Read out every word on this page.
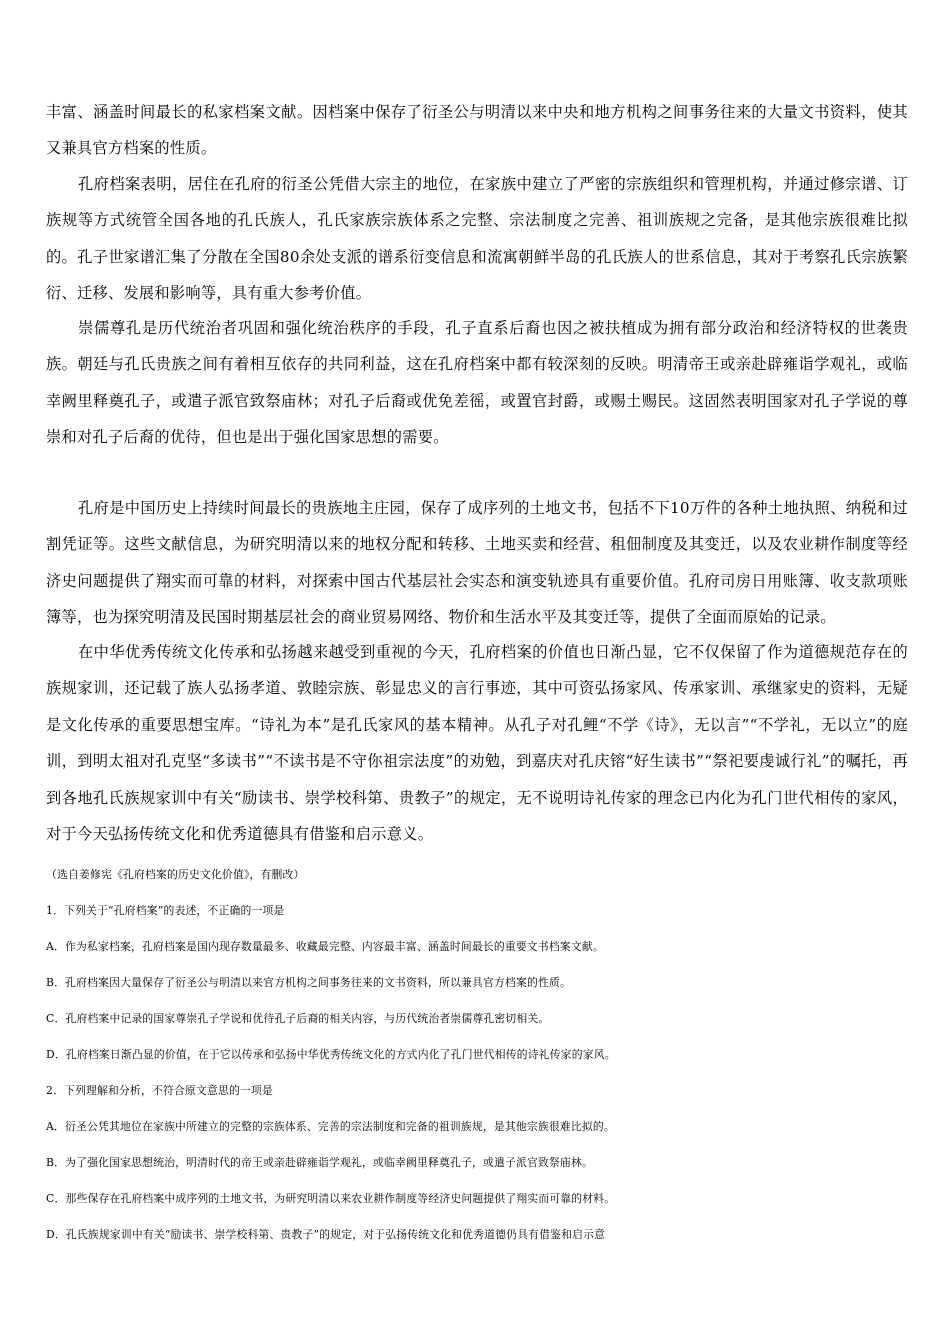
丰富、涵盖时间最长的私家档案文献。因档案中保存了衍圣公与明清以来中央和地方机构之间事务往来的大量文书资料，使其又兼具官方档案的性质。

孔府档案表明，居住在孔府的衍圣公凭借大宗主的地位，在家族中建立了严密的宗族组织和管理机构，并通过修宗谱、订族规等方式统管全国各地的孔氏族人，孔氏家族宗族体系之完整、宗法制度之完善、祖训族规之完备，是其他宗族很难比拟的。孔子世家谱汇集了分散在全国80余处支派的谱系衍变信息和流寓朝鲜半岛的孔氏族人的世系信息，其对于考察孔氏宗族繁衍、迁移、发展和影响等，具有重大参考价值。

崇儒尊孔是历代统治者巩固和强化统治秩序的手段，孔子直系后裔也因之被扶植成为拥有部分政治和经济特权的世袭贵族。朝廷与孔氏贵族之间有着相互依存的共同利益，这在孔府档案中都有较深刻的反映。明清帝王或亲赴辟雍诣学观礼，或临幸阙里释奠孔子，或遣子派官致祭庙林；对孔子后裔或优免差徭，或置官封爵，或赐土赐民。这固然表明国家对孔子学说的尊崇和对孔子后裔的优待，但也是出于强化国家思想的需要。

孔府是中国历史上持续时间最长的贵族地主庄园，保存了成序列的土地文书，包括不下10万件的各种土地执照、纳税和过割凭证等。这些文献信息，为研究明清以来的地权分配和转移、土地买卖和经营、租佃制度及其变迁，以及农业耕作制度等经济史问题提供了翔实而可靠的材料，对探索中国古代基层社会实态和演变轨迹具有重要价值。孔府司房日用账簿、收支款项账簿等，也为探究明清及民国时期基层社会的商业贸易网络、物价和生活水平及其变迁等，提供了全面而原始的记录。

在中华优秀传统文化传承和弘扬越来越受到重视的今天，孔府档案的价值也日渐凸显，它不仅保留了作为道德规范存在的族规家训，还记载了族人弘扬孝道、敦睦宗族、彰显忠义的言行事迹，其中可资弘扬家风、传承家训、承继家史的资料，无疑是文化传承的重要思想宝库。“诗礼为本”是孔氏家风的基本精神。从孔子对孔鲤“不学《诗》，无以言”“不学礼，无以立”的庭训，到明太祖对孔克坚“多读书”“不读书是不守你祖宗法度”的劝勉，到嘉庆对孔庆镕“好生读书”“祭祀要虔诚行礼”的嘱托，再到各地孔氏族规家训中有关“励读书、崇学校科第、贵教子”的规定，无不说明诗礼传家的理念已内化为孔门世代相传的家风，对于今天弘扬传统文化和优秀道德具有借鉴和启示意义。

（选自姜修宪《孔府档案的历史文化价值》，有删改）

1．下列关于“孔府档案”的表述，不正确的一项是

A．作为私家档案，孔府档案是国内现存数量最多、收藏最完整、内容最丰富、涵盖时间最长的重要文书档案文献。

B．孔府档案因大量保存了衍圣公与明清以来官方机构之间事务往来的文书资料，所以兼具官方档案的性质。

C．孔府档案中记录的国家尊崇孔子学说和优待孔子后裔的相关内容，与历代统治者崇儒尊孔密切相关。

D．孔府档案日渐凸显的价值，在于它以传承和弘扬中华优秀传统文化的方式内化了孔门世代相传的诗礼传家的家风。

2．下列理解和分析，不符合原文意思的一项是

A．衍圣公凭其地位在家族中所建立的完整的宗族体系、完善的宗法制度和完备的祖训族规，是其他宗族很难比拟的。

B．为了强化国家思想统治，明清时代的帝王或亲赴辟雍诣学观礼，或临幸阙里释奠孔子，或遣子派官致祭庙林。

C．那些保存在孔府档案中成序列的土地文书，为研究明清以来农业耕作制度等经济史问题提供了翔实而可靠的材料。

D．孔氏族规家训中有关“励读书、崇学校科第、贵教子”的规定，对于弘扬传统文化和优秀道德仍具有借鉴和启示意
